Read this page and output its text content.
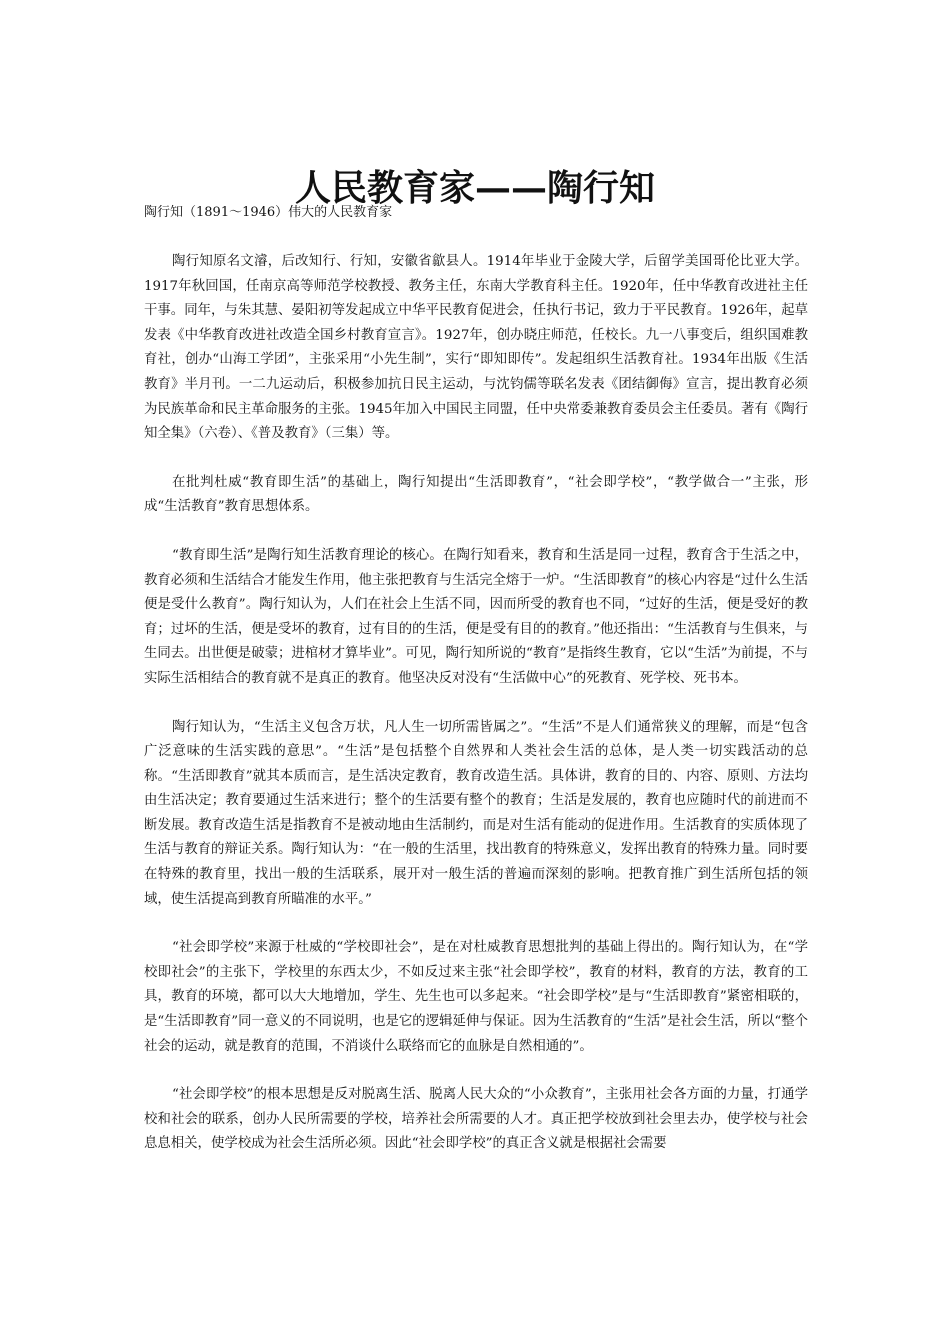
人民教育家——陶行知
陶行知（1891～1946）伟大的人民教育家

陶行知原名文濬，后改知行、行知，安徽省歙县人。1914年毕业于金陵大学，后留学美国哥伦比亚大学。1917年秋回国，任南京高等师范学校教授、教务主任，东南大学教育科主任。1920年，任中华教育改进社主任干事。同年，与朱其慧、晏阳初等发起成立中华平民教育促进会，任执行书记，致力于平民教育。1926年，起草发表《中华教育改进社改造全国乡村教育宣言》。1927年，创办晓庄师范，任校长。九一八事变后，组织国难教育社，创办“山海工学团”，主张采用“小先生制”，实行“即知即传”。发起组织生活教育社。1934年出版《生活教育》半月刊。一二九运动后，积极参加抗日民主运动，与沈钧儒等联名发表《团结御侮》宣言，提出教育必须为民族革命和民主革命服务的主张。1945年加入中国民主同盟，任中央常委兼教育委员会主任委员。著有《陶行知全集》（六卷）、《普及教育》（三集）等。

在批判杜威“教育即生活”的基础上，陶行知提出“生活即教育”，“社会即学校”，“教学做合一”主张，形成“生活教育”教育思想体系。

“教育即生活”是陶行知生活教育理论的核心。在陶行知看来，教育和生活是同一过程，教育含于生活之中，教育必须和生活结合才能发生作用，他主张把教育与生活完全熔于一炉。“生活即教育”的核心内容是“过什么生活便是受什么教育”。陶行知认为，人们在社会上生活不同，因而所受的教育也不同，“过好的生活，便是受好的教育；过坏的生活，便是受坏的教育，过有目的的生活，便是受有目的的教育。”他还指出：“生活教育与生俱来，与生同去。出世便是破蒙；进棺材才算毕业”。可见，陶行知所说的“教育”是指终生教育，它以“生活”为前提，不与实际生活相结合的教育就不是真正的教育。他坚决反对没有“生活做中心”的死教育、死学校、死书本。

陶行知认为，“生活主义包含万状，凡人生一切所需皆属之”。“生活”不是人们通常狭义的理解，而是“包含广泛意味的生活实践的意思”。“生活”是包括整个自然界和人类社会生活的总体，是人类一切实践活动的总称。“生活即教育”就其本质而言，是生活决定教育，教育改造生活。具体讲，教育的目的、内容、原则、方法均由生活决定；教育要通过生活来进行；整个的生活要有整个的教育；生活是发展的，教育也应随时代的前进而不断发展。教育改造生活是指教育不是被动地由生活制约，而是对生活有能动的促进作用。生活教育的实质体现了生活与教育的辩证关系。陶行知认为：“在一般的生活里，找出教育的特殊意义，发挥出教育的特殊力量。同时要在特殊的教育里，找出一般的生活联系，展开对一般生活的普遍而深刻的影响。把教育推广到生活所包括的领域，使生活提高到教育所瞄准的水平。”

“社会即学校”来源于杜威的“学校即社会”，是在对杜威教育思想批判的基础上得出的。陶行知认为，在“学校即社会”的主张下，学校里的东西太少，不如反过来主张“社会即学校”，教育的材料，教育的方法，教育的工具，教育的环境，都可以大大地增加，学生、先生也可以多起来。“社会即学校”是与“生活即教育”紧密相联的，是“生活即教育”同一意义的不同说明，也是它的逻辑延伸与保证。因为生活教育的“生活”是社会生活，所以“整个社会的运动，就是教育的范围，不消谈什么联络而它的血脉是自然相通的”。

“社会即学校”的根本思想是反对脱离生活、脱离人民大众的“小众教育”，主张用社会各方面的力量，打通学校和社会的联系，创办人民所需要的学校，培养社会所需要的人才。真正把学校放到社会里去办，使学校与社会息息相关，使学校成为社会生活所必须。因此“社会即学校”的真正含义就是根据社会需要
